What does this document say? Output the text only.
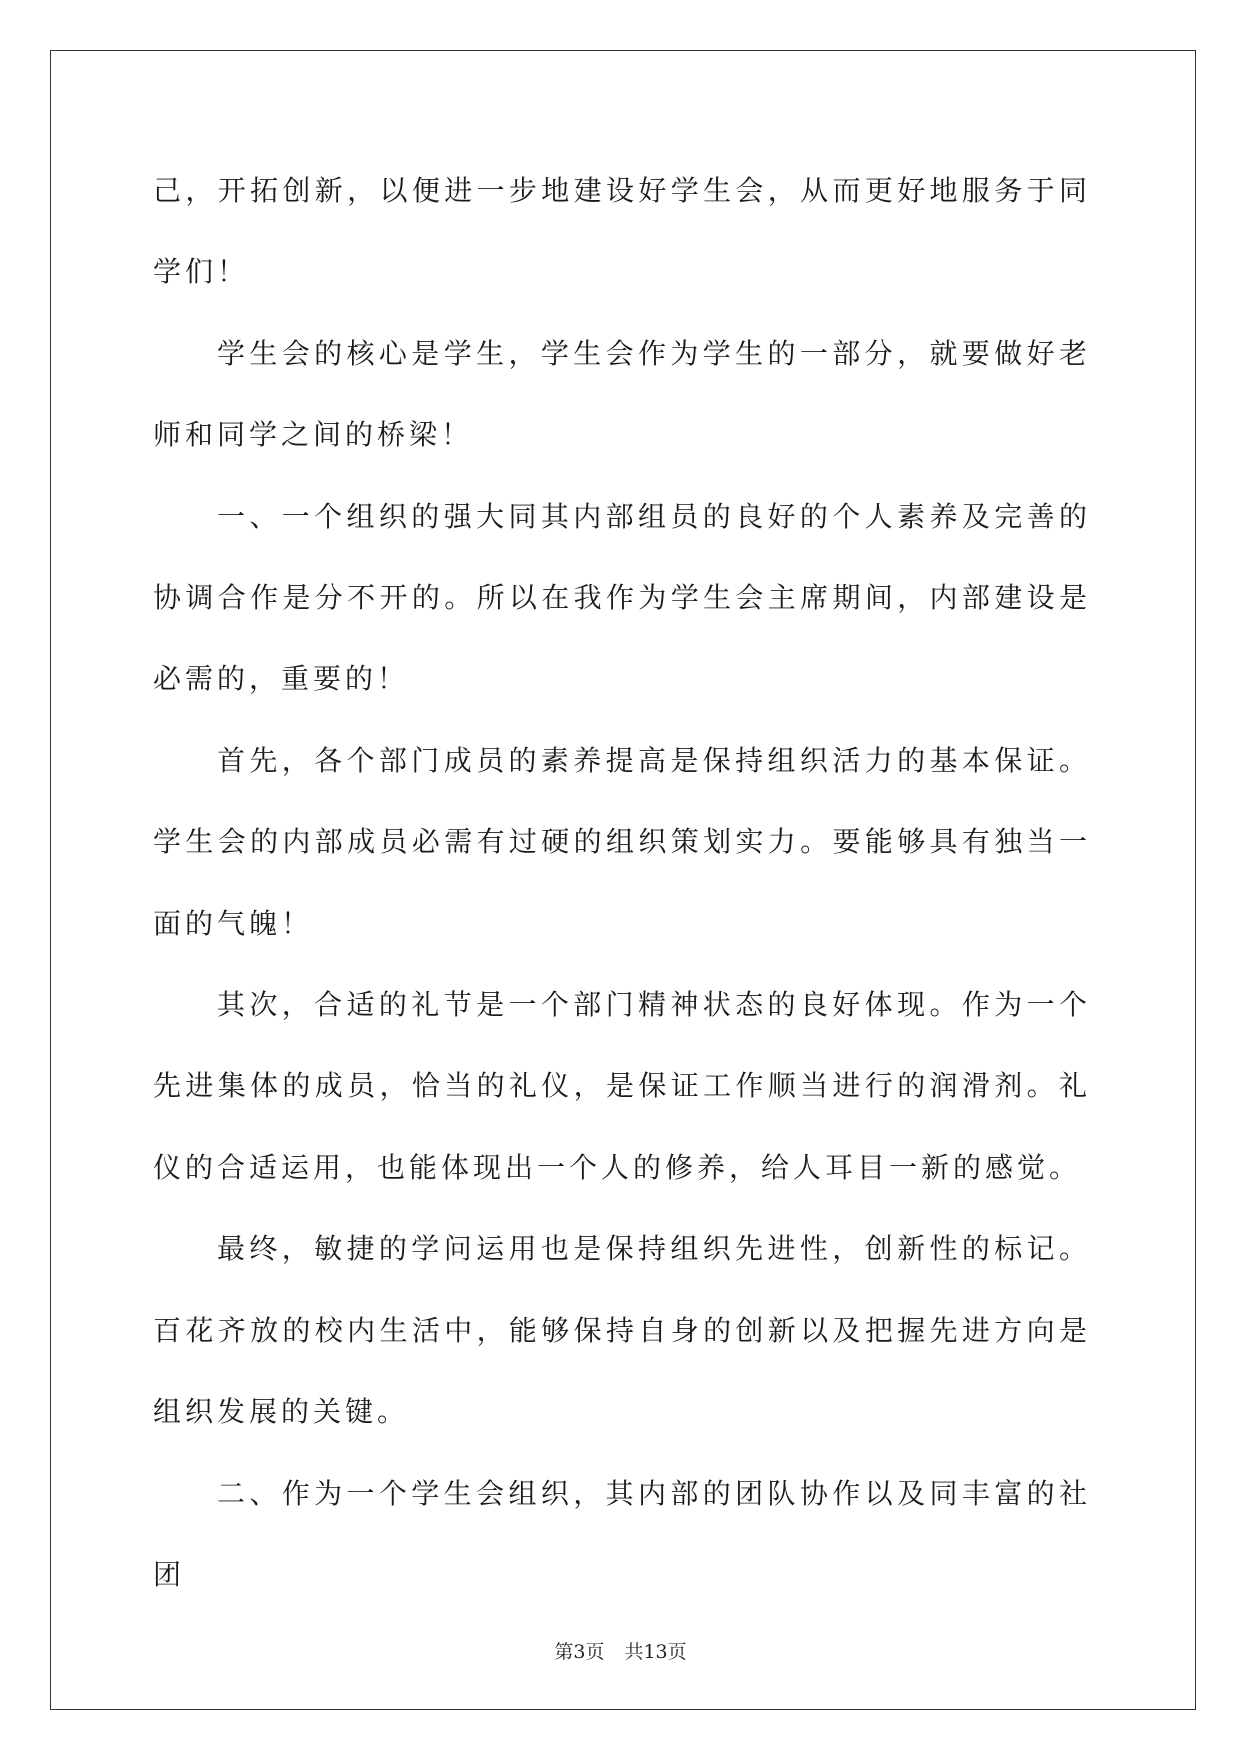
己，开拓创新，以便进一步地建设好学生会，从而更好地服务于同学们！

学生会的核心是学生，学生会作为学生的一部分，就要做好老师和同学之间的桥梁！

一、一个组织的强大同其内部组员的良好的个人素养及完善的协调合作是分不开的。所以在我作为学生会主席期间，内部建设是必需的，重要的！

首先，各个部门成员的素养提高是保持组织活力的基本保证。学生会的内部成员必需有过硬的组织策划实力。要能够具有独当一面的气魄！

其次，合适的礼节是一个部门精神状态的良好体现。作为一个先进集体的成员，恰当的礼仪，是保证工作顺当进行的润滑剂。礼仪的合适运用，也能体现出一个人的修养，给人耳目一新的感觉。

最终，敏捷的学问运用也是保持组织先进性，创新性的标记。百花齐放的校内生活中，能够保持自身的创新以及把握先进方向是组织发展的关键。

二、作为一个学生会组织，其内部的团队协作以及同丰富的社团

第3页 共13页
